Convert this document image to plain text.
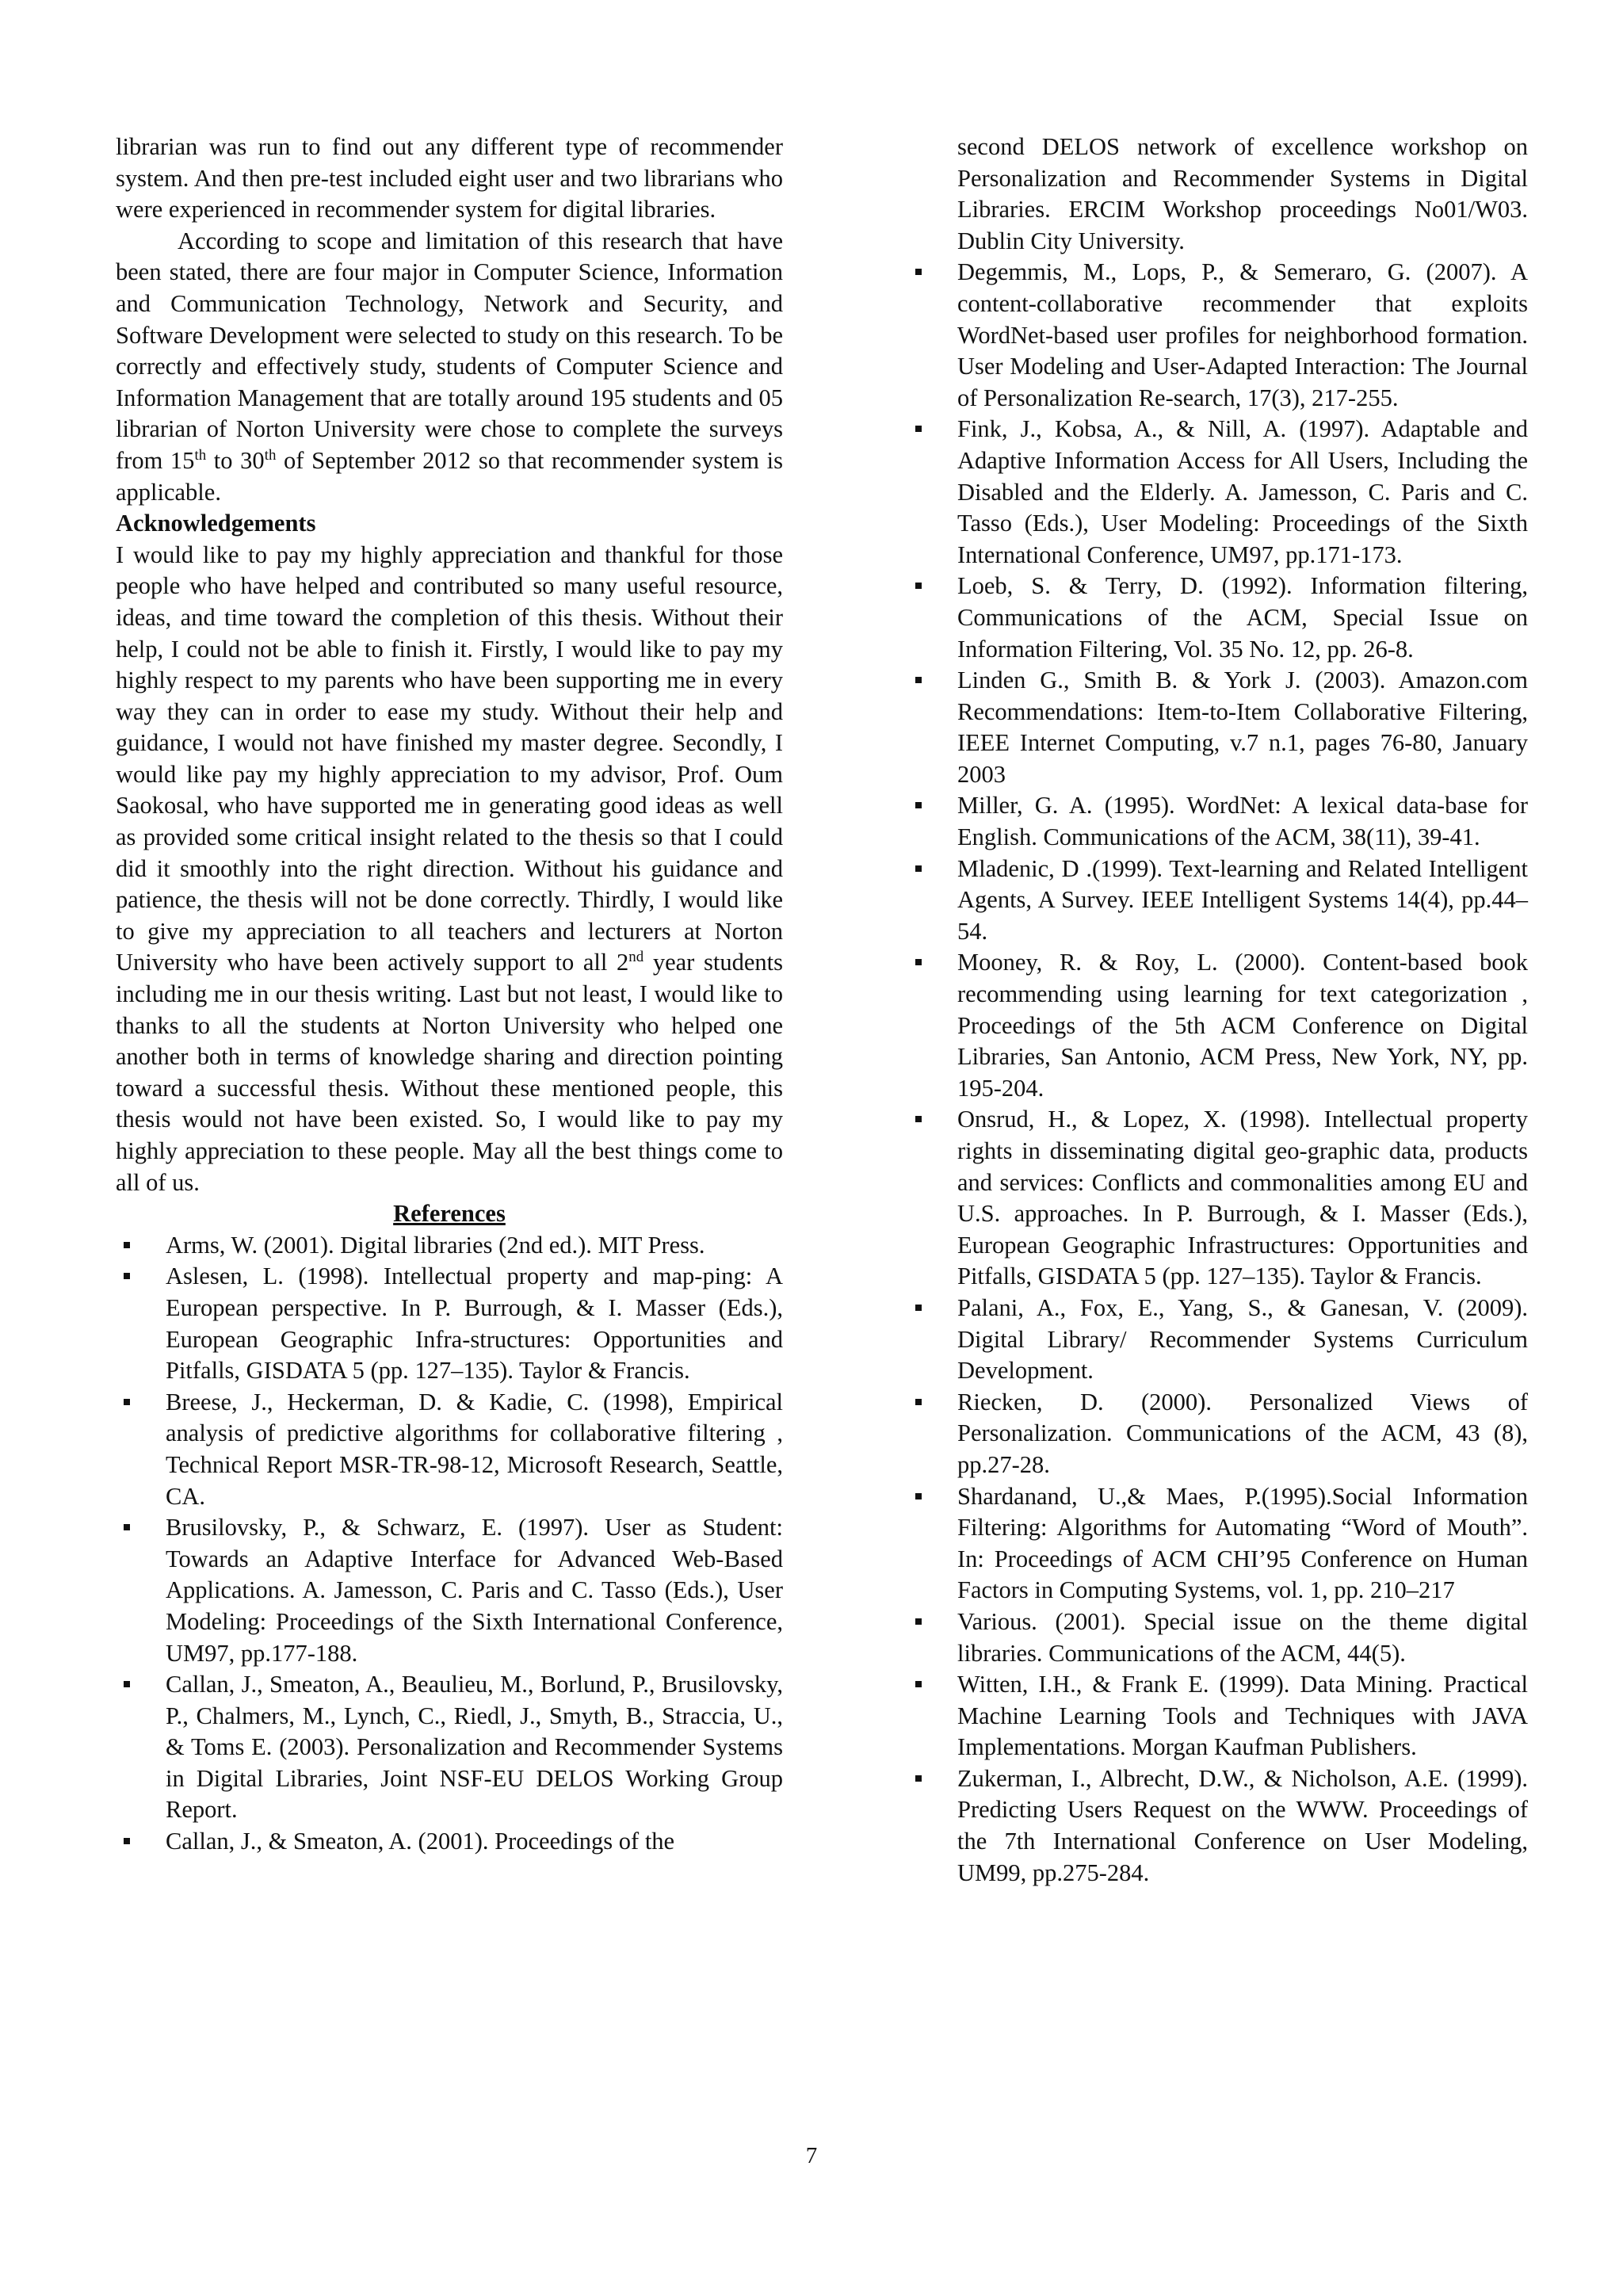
librarian was run to find out any different type of recommender system. And then pre-test included eight user and two librarians who were experienced in recommender system for digital libraries.

According to scope and limitation of this research that have been stated, there are four major in Computer Science, Information and Communication Technology, Network and Security, and Software Development were selected to study on this research. To be correctly and effectively study, students of Computer Science and Information Management that are totally around 195 students and 05 librarian of Norton University were chose to complete the surveys from 15th to 30th of September 2012 so that recommender system is applicable.

Acknowledgements

I would like to pay my highly appreciation and thankful for those people who have helped and contributed so many useful resource, ideas, and time toward the completion of this thesis. Without their help, I could not be able to finish it. Firstly, I would like to pay my highly respect to my parents who have been supporting me in every way they can in order to ease my study. Without their help and guidance, I would not have finished my master degree. Secondly, I would like pay my highly appreciation to my advisor, Prof. Oum Saokosal, who have supported me in generating good ideas as well as provided some critical insight related to the thesis so that I could did it smoothly into the right direction. Without his guidance and patience, the thesis will not be done correctly. Thirdly, I would like to give my appreciation to all teachers and lecturers at Norton University who have been actively support to all 2nd year students including me in our thesis writing. Last but not least, I would like to thanks to all the students at Norton University who helped one another both in terms of knowledge sharing and direction pointing toward a successful thesis. Without these mentioned people, this thesis would not have been existed. So, I would like to pay my highly appreciation to these people. May all the best things come to all of us.

References

Arms, W. (2001). Digital libraries (2nd ed.). MIT Press.
Aslesen, L. (1998). Intellectual property and map-ping: A European perspective. In P. Burrough, & I. Masser (Eds.), European Geographic Infra-structures: Opportunities and Pitfalls, GISDATA 5 (pp. 127–135). Taylor & Francis.
Breese, J., Heckerman, D. & Kadie, C. (1998), Empirical analysis of predictive algorithms for collaborative filtering , Technical Report MSR-TR-98-12, Microsoft Research, Seattle, CA.
Brusilovsky, P., & Schwarz, E. (1997). User as Student: Towards an Adaptive Interface for Advanced Web-Based Applications. A. Jamesson, C. Paris and C. Tasso (Eds.), User Modeling: Proceedings of the Sixth International Conference, UM97, pp.177-188.
Callan, J., Smeaton, A., Beaulieu, M., Borlund, P., Brusilovsky, P., Chalmers, M., Lynch, C., Riedl, J., Smyth, B., Straccia, U., & Toms E. (2003). Personalization and Recommender Systems in Digital Libraries, Joint NSF-EU DELOS Working Group Report.
Callan, J., & Smeaton, A. (2001). Proceedings of the
second DELOS network of excellence workshop on Personalization and Recommender Systems in Digital Libraries. ERCIM Workshop proceedings No01/W03. Dublin City University.
Degemmis, M., Lops, P., & Semeraro, G. (2007). A content-collaborative recommender that exploits WordNet-based user profiles for neighborhood formation. User Modeling and User-Adapted Interaction: The Journal of Personalization Re-search, 17(3), 217-255.
Fink, J., Kobsa, A., & Nill, A. (1997). Adaptable and Adaptive Information Access for All Users, Including the Disabled and the Elderly. A. Jamesson, C. Paris and C. Tasso (Eds.), User Modeling: Proceedings of the Sixth International Conference, UM97, pp.171-173.
Loeb, S. & Terry, D. (1992). Information filtering, Communications of the ACM, Special Issue on Information Filtering, Vol. 35 No. 12, pp. 26-8.
Linden G., Smith B. & York J. (2003). Amazon.com Recommendations: Item-to-Item Collaborative Filtering, IEEE Internet Computing, v.7 n.1, pages 76-80, January 2003
Miller, G. A. (1995). WordNet: A lexical data-base for English. Communications of the ACM, 38(11), 39-41.
Mladenic, D .(1999). Text-learning and Related Intelligent Agents, A Survey. IEEE Intelligent Systems 14(4), pp.44–54.
Mooney, R. & Roy, L. (2000). Content-based book recommending using learning for text categorization , Proceedings of the 5th ACM Conference on Digital Libraries, San Antonio, ACM Press, New York, NY, pp. 195-204.
Onsrud, H., & Lopez, X. (1998). Intellectual property rights in disseminating digital geo-graphic data, products and services: Conflicts and commonalities among EU and U.S. approaches. In P. Burrough, & I. Masser (Eds.), European Geographic Infrastructures: Opportunities and Pitfalls, GISDATA 5 (pp. 127–135). Taylor & Francis.
Palani, A., Fox, E., Yang, S., & Ganesan, V. (2009). Digital Library/ Recommender Systems Curriculum Development.
Riecken, D. (2000). Personalized Views of Personalization. Communications of the ACM, 43 (8), pp.27-28.
Shardanand, U.,& Maes, P.(1995).Social Information Filtering: Algorithms for Automating “Word of Mouth”. In: Proceedings of ACM CHI’95 Conference on Human Factors in Computing Systems, vol. 1, pp. 210–217
Various. (2001). Special issue on the theme digital libraries. Communications of the ACM, 44(5).
Witten, I.H., & Frank E. (1999). Data Mining. Practical Machine Learning Tools and Techniques with JAVA Implementations. Morgan Kaufman Publishers.
Zukerman, I., Albrecht, D.W., & Nicholson, A.E. (1999). Predicting Users Request on the WWW. Proceedings of the 7th International Conference on User Modeling, UM99, pp.275-284.
7
